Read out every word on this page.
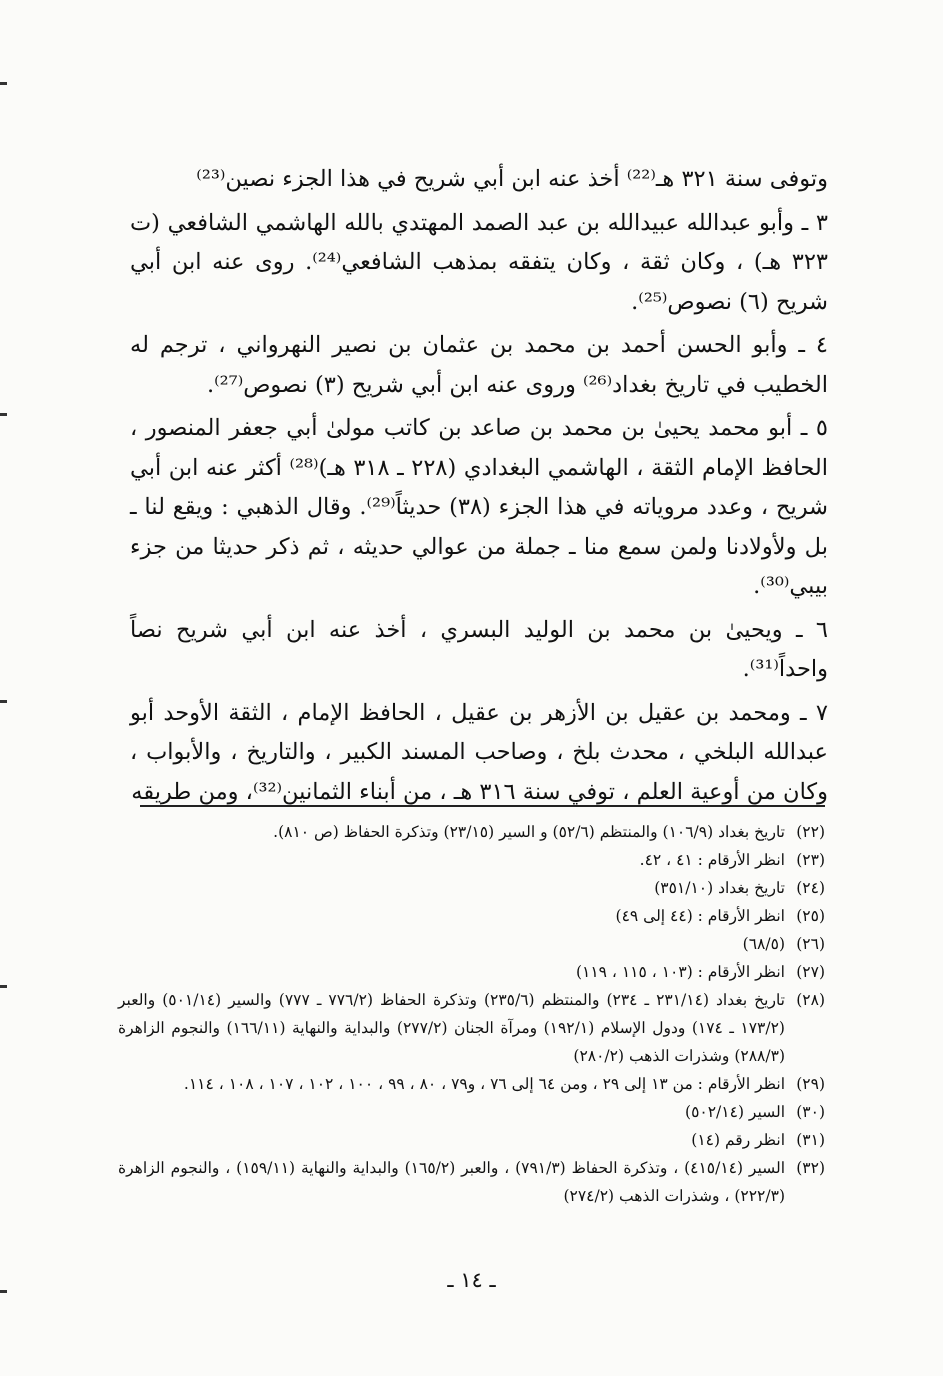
وتوفى سنة ٣٢١ هـ⁽²²⁾ أخذ عنه ابن أبي شريح في هذا الجزء نصين⁽²³⁾

٣ ـ وأبو عبدالله عبيدالله بن عبد الصمد المهتدي بالله الهاشمي الشافعي (ت ٣٢٣ هـ) ، وكان ثقة ، وكان يتفقه بمذهب الشافعي⁽²⁴⁾. روى عنه ابن أبي شريح (٦) نصوص⁽²⁵⁾.

٤ ـ وأبو الحسن أحمد بن محمد بن عثمان بن نصير النهرواني ، ترجم له الخطيب في تاريخ بغداد⁽²⁶⁾ وروى عنه ابن أبي شريح (٣) نصوص⁽²⁷⁾.

٥ ـ أبو محمد يحيىٰ بن محمد بن صاعد بن كاتب مولىٰ أبي جعفر المنصور ، الحافظ الإمام الثقة ، الهاشمي البغدادي (٢٢٨ ـ ٣١٨ هـ)⁽²⁸⁾ أكثر عنه ابن أبي شريح ، وعدد مروياته في هذا الجزء (٣٨) حديثاً⁽²⁹⁾. وقال الذهبي : ويقع لنا ـ بل ولأولادنا ولمن سمع منا ـ جملة من عوالي حديثه ، ثم ذكر حديثا من جزء بيبي⁽³⁰⁾.

٦ ـ ويحيىٰ بن محمد بن الوليد البسري ، أخذ عنه ابن أبي شريح نصاً واحداً⁽³¹⁾.

٧ ـ ومحمد بن عقيل بن الأزهر بن عقيل ، الحافظ الإمام ، الثقة الأوحد أبو عبدالله البلخي ، محدث بلخ ، وصاحب المسند الكبير ، والتاريخ ، والأبواب ، وكان من أوعية العلم ، توفي سنة ٣١٦ هـ ، من أبناء الثمانين⁽³²⁾، ومن طريقه

(٢٢)
تاريخ بغداد (١٠٦/٩) والمنتظم (٥٢/٦) و السير (٢٣/١٥) وتذكرة الحفاظ (ص ٨١٠).
(٢٣)
انظر الأرقام : ٤١ ، ٤٢.
(٢٤)
تاريخ بغداد (٣٥١/١٠)
(٢٥)
انظر الأرقام : (٤٤ إلى ٤٩)
(٢٦)
(٦٨/٥)
(٢٧)
انظر الأرقام : (١٠٣ ، ١١٥ ، ١١٩)
(٢٨)
تاريخ بغداد (٢٣١/١٤ ـ ٢٣٤) والمنتظم (٢٣٥/٦) وتذكرة الحفاظ (٧٧٦/٢ ـ ٧٧٧) والسير (٥٠١/١٤) والعبر (١٧٣/٢ ـ ١٧٤) ودول الإسلام (١٩٢/١) ومرآة الجنان (٢٧٧/٢) والبداية والنهاية (١٦٦/١١) والنجوم الزاهرة (٢٨٨/٣) وشذرات الذهب (٢٨٠/٢)
(٢٩)
انظر الأرقام : من ١٣ إلى ٢٩ ، ومن ٦٤ إلى ٧٦ ، و٧٩ ، ٨٠ ، ٩٩ ، ١٠٠ ، ١٠٢ ، ١٠٧ ، ١٠٨ ، ١١٤.
(٣٠)
السير (٥٠٢/١٤)
(٣١)
انظر رقم (١٤)
(٣٢)
السير (٤١٥/١٤) ، وتذكرة الحفاظ (٧٩١/٣) ، والعبر (١٦٥/٢) والبداية والنهاية (١٥٩/١١) ، والنجوم الزاهرة (٢٢٢/٣) ، وشذرات الذهب (٢٧٤/٢)
ـ ١٤ ـ
